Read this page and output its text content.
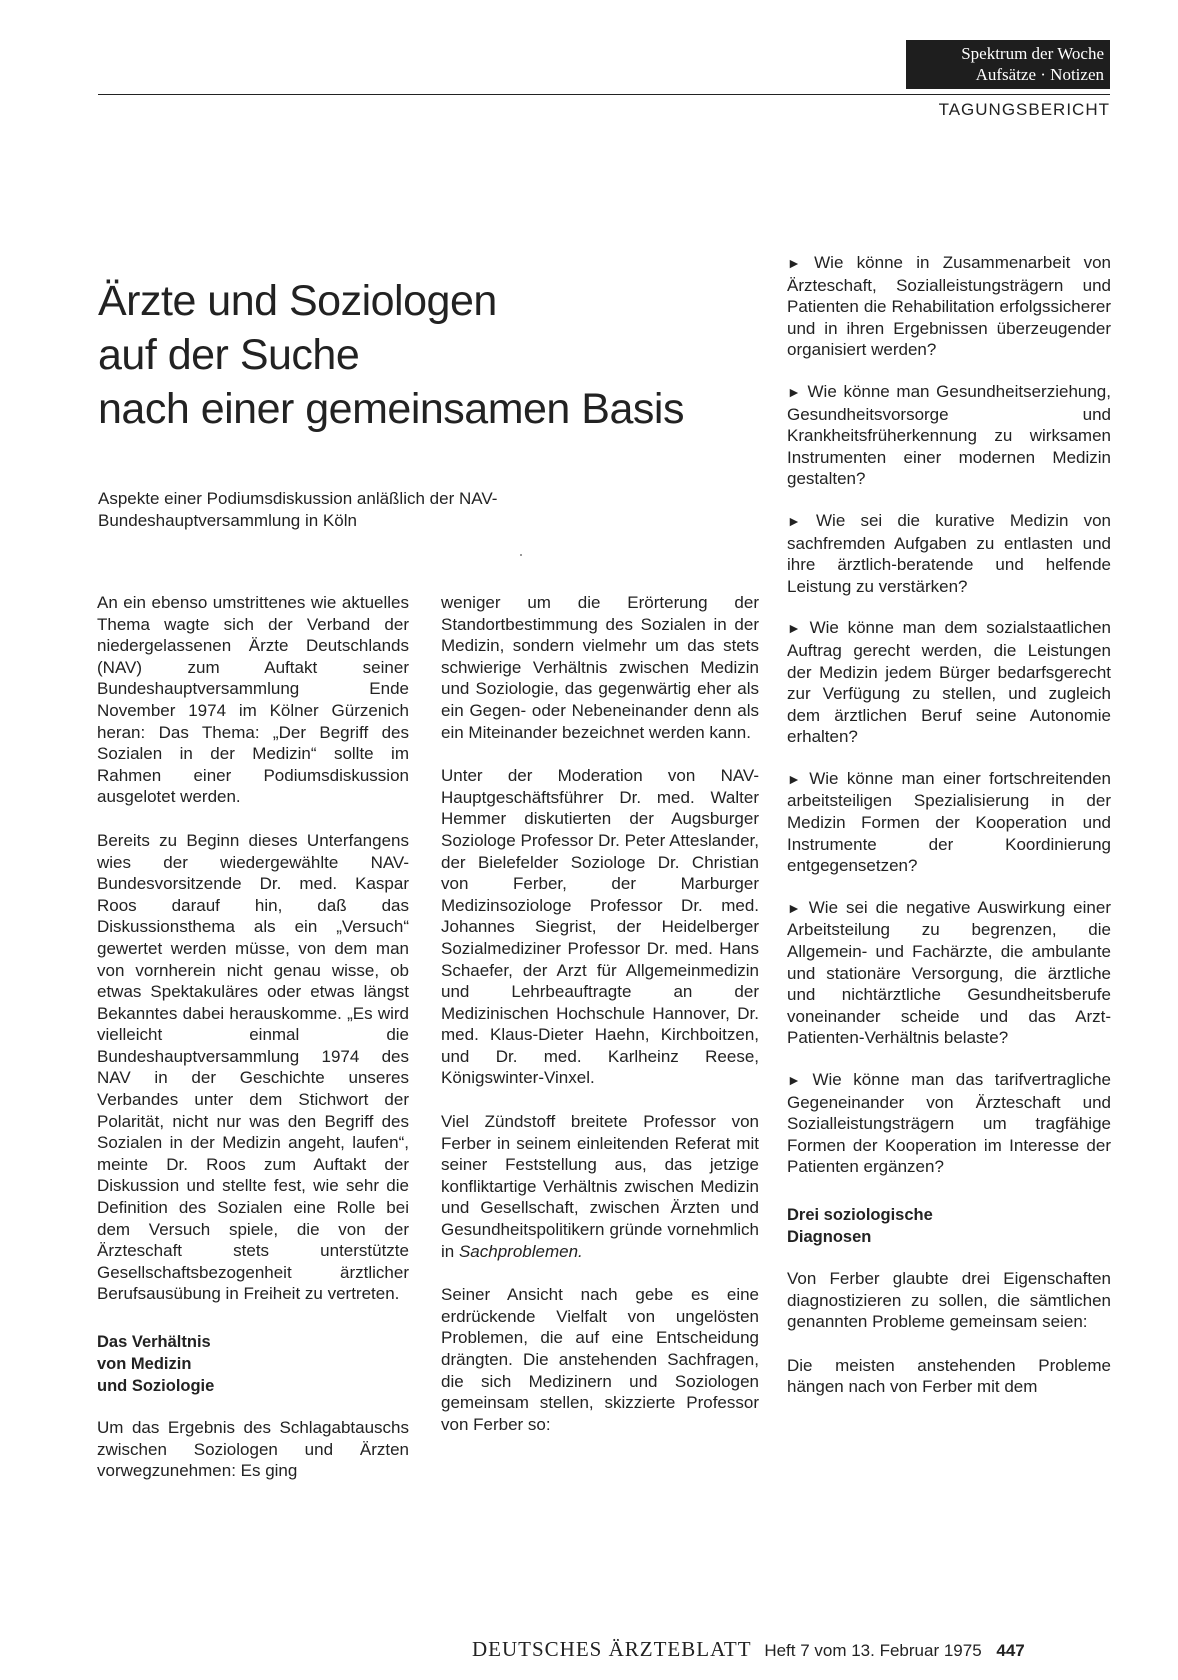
Spektrum der Woche
Aufsätze · Notizen
TAGUNGSBERICHT
Ärzte und Soziologen
auf der Suche
nach einer gemeinsamen Basis
Aspekte einer Podiumsdiskussion anläßlich der NAV-Bundeshauptversammlung in Köln

An ein ebenso umstrittenes wie aktuelles Thema wagte sich der Verband der niedergelassenen Ärzte Deutschlands (NAV) zum Auftakt seiner Bundeshauptversammlung Ende November 1974 im Kölner Gürzenich heran: Das Thema: „Der Begriff des Sozialen in der Medizin“ sollte im Rahmen einer Podiumsdiskussion ausgelotet werden.

Bereits zu Beginn dieses Unterfangens wies der wiedergewählte NAV-Bundesvorsitzende Dr. med. Kaspar Roos darauf hin, daß das Diskussionsthema als ein „Versuch“ gewertet werden müsse, von dem man von vornherein nicht genau wisse, ob etwas Spektakuläres oder etwas längst Bekanntes dabei herauskomme. „Es wird vielleicht einmal die Bundeshauptversammlung 1974 des NAV in der Geschichte unseres Verbandes unter dem Stichwort der Polarität, nicht nur was den Begriff des Sozialen in der Medizin angeht, laufen“, meinte Dr. Roos zum Auftakt der Diskussion und stellte fest, wie sehr die Definition des Sozialen eine Rolle bei dem Versuch spiele, die von der Ärzteschaft stets unterstützte Gesellschaftsbezogenheit ärztlicher Berufsausübung in Freiheit zu vertreten.

Das Verhältnis
von Medizin
und Soziologie

Um das Ergebnis des Schlagabtauschs zwischen Soziologen und Ärzten vorwegzunehmen: Es ging

weniger um die Erörterung der Standortbestimmung des Sozialen in der Medizin, sondern vielmehr um das stets schwierige Verhältnis zwischen Medizin und Soziologie, das gegenwärtig eher als ein Gegen- oder Nebeneinander denn als ein Miteinander bezeichnet werden kann.

Unter der Moderation von NAV-Hauptgeschäftsführer Dr. med. Walter Hemmer diskutierten der Augsburger Soziologe Professor Dr. Peter Atteslander, der Bielefelder Soziologe Dr. Christian von Ferber, der Marburger Medizinsoziologe Professor Dr. med. Johannes Siegrist, der Heidelberger Sozialmediziner Professor Dr. med. Hans Schaefer, der Arzt für Allgemeinmedizin und Lehrbeauftragte an der Medizinischen Hochschule Hannover, Dr. med. Klaus-Dieter Haehn, Kirchboitzen, und Dr. med. Karlheinz Reese, Königswinter-Vinxel.

Viel Zündstoff breitete Professor von Ferber in seinem einleitenden Referat mit seiner Feststellung aus, das jetzige konfliktartige Verhältnis zwischen Medizin und Gesellschaft, zwischen Ärzten und Gesundheitspolitikern gründe vornehmlich in Sachproblemen.

Seiner Ansicht nach gebe es eine erdrückende Vielfalt von ungelösten Problemen, die auf eine Entscheidung drängten. Die anstehenden Sachfragen, die sich Medizinern und Soziologen gemeinsam stellen, skizzierte Professor von Ferber so:

► Wie könne in Zusammenarbeit von Ärzteschaft, Sozialleistungsträgern und Patienten die Rehabilitation erfolgssicherer und in ihren Ergebnissen überzeugender organisiert werden?

► Wie könne man Gesundheitserziehung, Gesundheitsvorsorge und Krankheitsfrüherkennung zu wirksamen Instrumenten einer modernen Medizin gestalten?

► Wie sei die kurative Medizin von sachfremden Aufgaben zu entlasten und ihre ärztlich-beratende und helfende Leistung zu verstärken?

► Wie könne man dem sozialstaatlichen Auftrag gerecht werden, die Leistungen der Medizin jedem Bürger bedarfsgerecht zur Verfügung zu stellen, und zugleich dem ärztlichen Beruf seine Autonomie erhalten?

► Wie könne man einer fortschreitenden arbeitsteiligen Spezialisierung in der Medizin Formen der Kooperation und Instrumente der Koordinierung entgegensetzen?

► Wie sei die negative Auswirkung einer Arbeitsteilung zu begrenzen, die Allgemein- und Fachärzte, die ambulante und stationäre Versorgung, die ärztliche und nichtärztliche Gesundheitsberufe voneinander scheide und das Arzt-Patienten-Verhältnis belaste?

► Wie könne man das tarifvertragliche Gegeneinander von Ärzteschaft und Sozialleistungsträgern um tragfähige Formen der Kooperation im Interesse der Patienten ergänzen?

Drei soziologische
Diagnosen

Von Ferber glaubte drei Eigenschaften diagnostizieren zu sollen, die sämtlichen genannten Probleme gemeinsam seien:

Die meisten anstehenden Probleme hängen nach von Ferber mit dem

DEUTSCHES ÄRZTEBLATT Heft 7 vom 13. Februar 1975 447
